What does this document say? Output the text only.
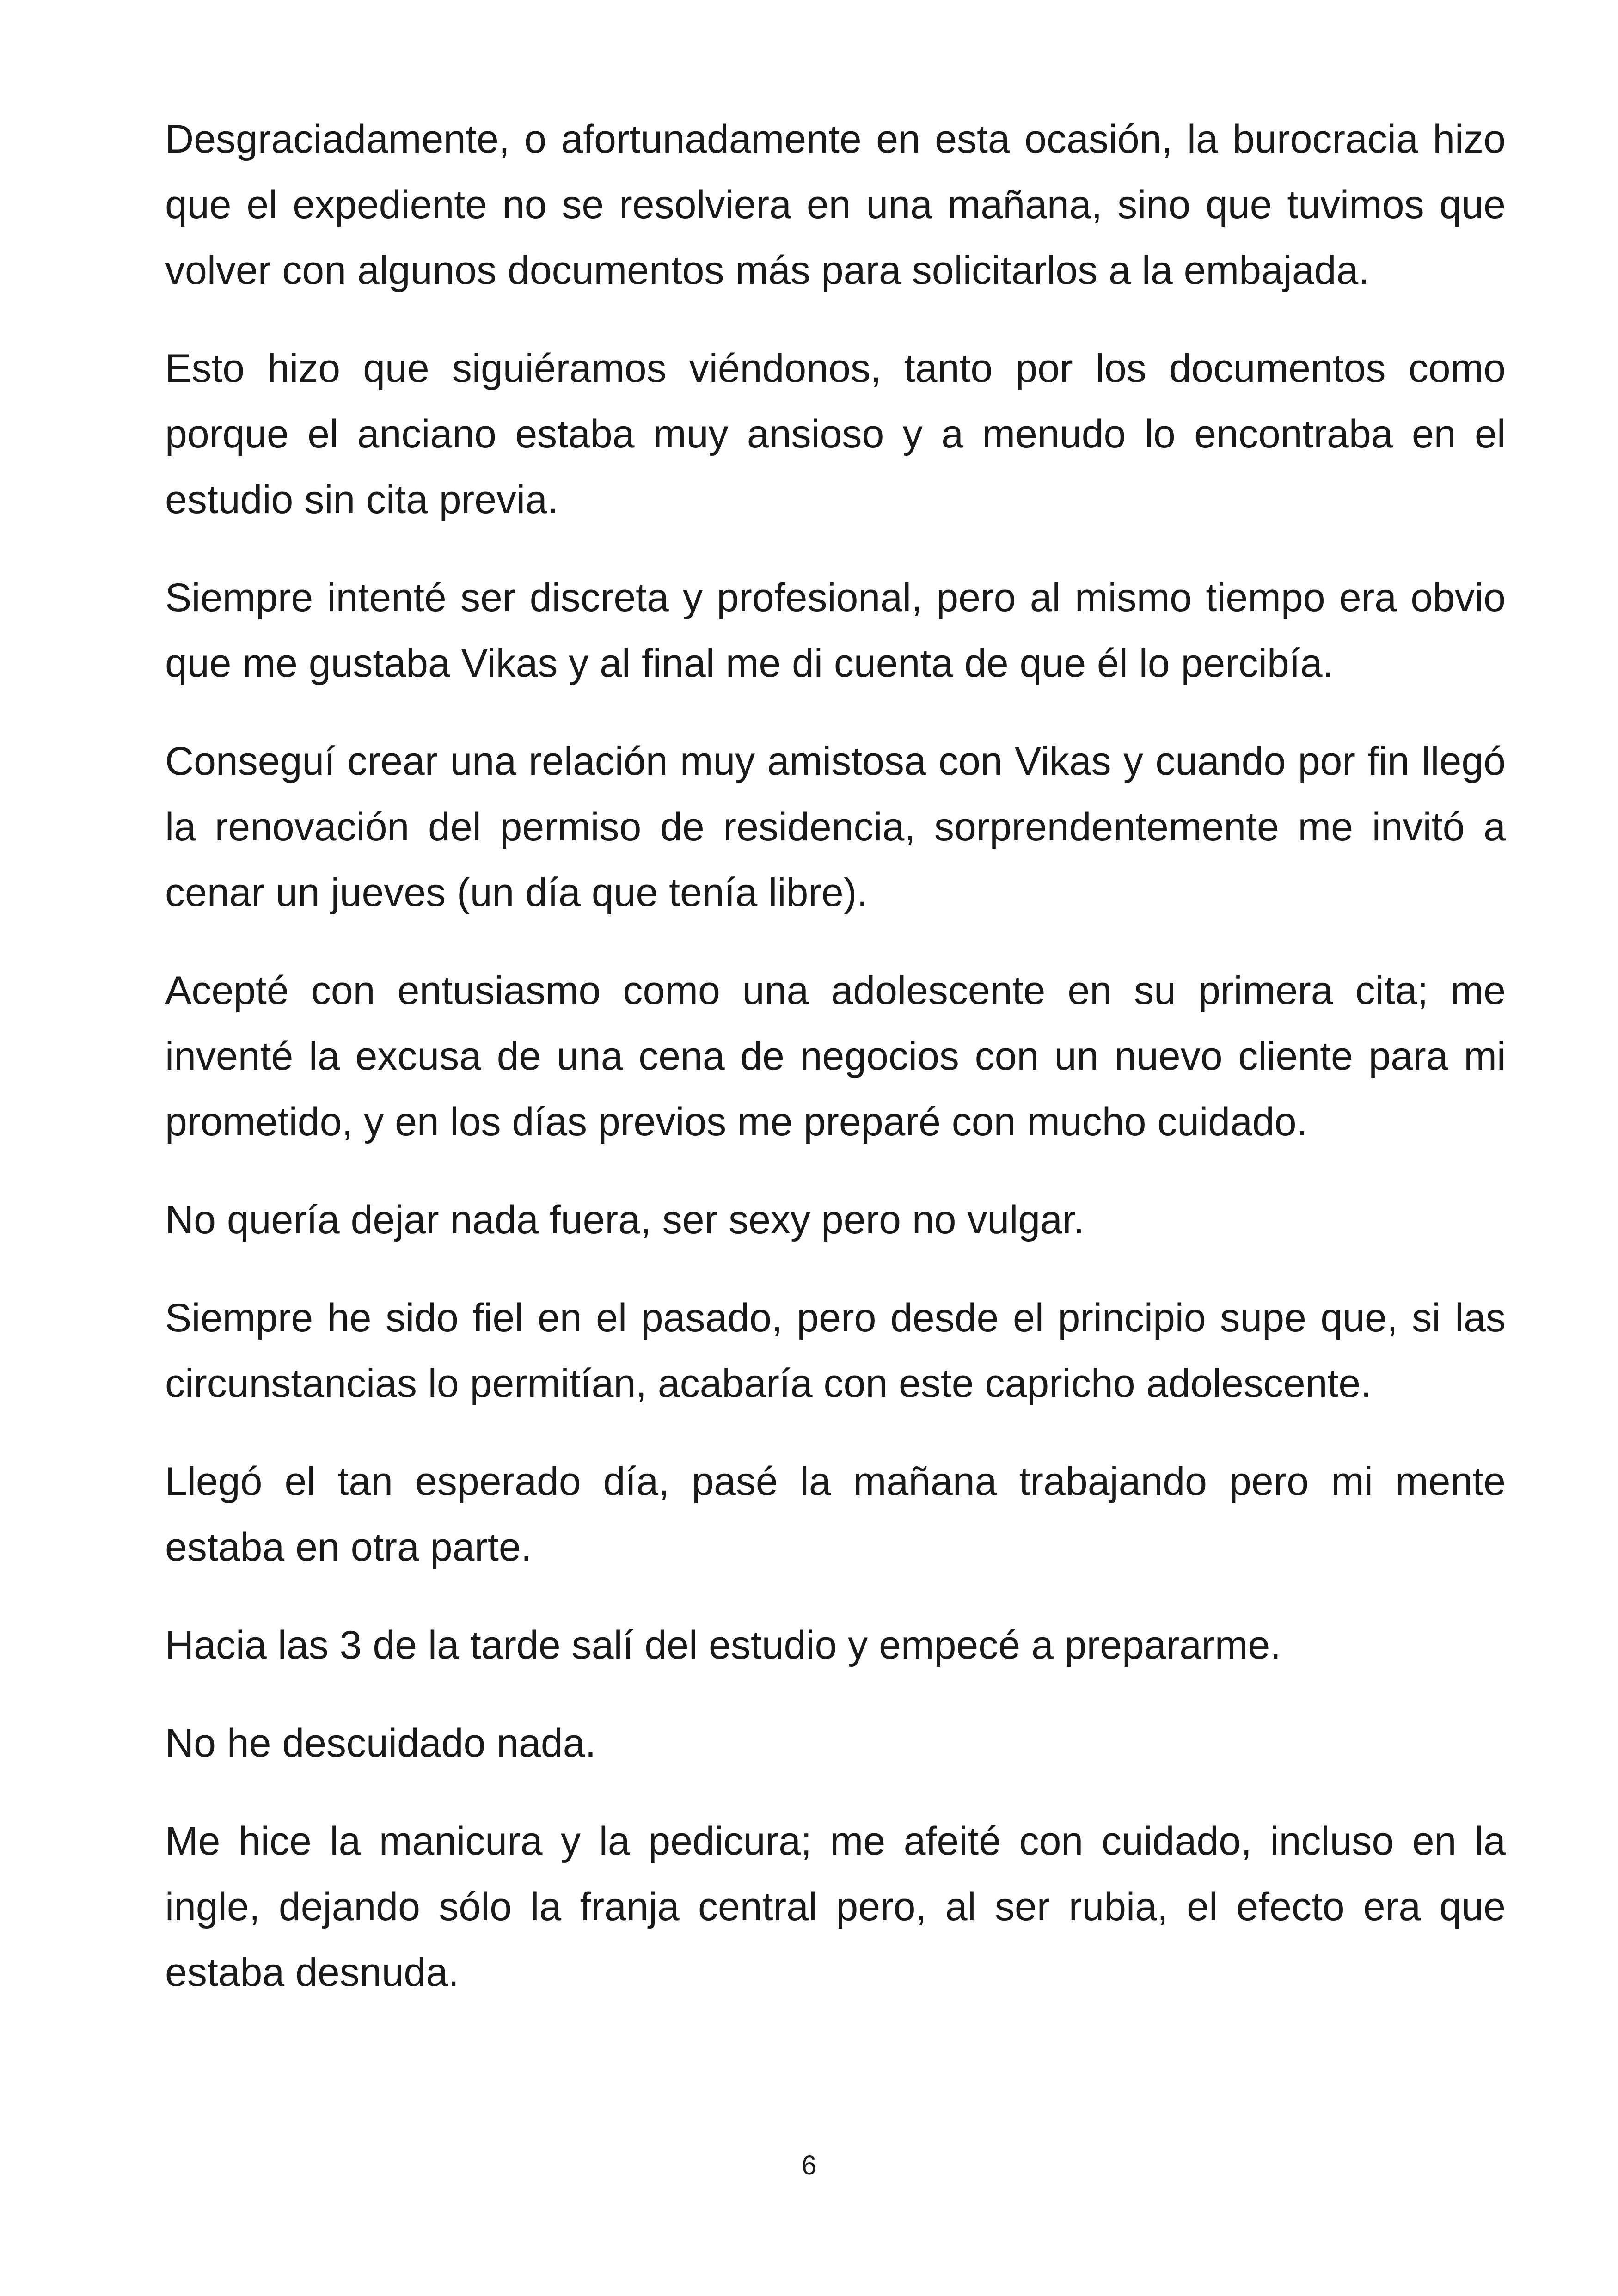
Desgraciadamente, o afortunadamente en esta ocasión, la burocracia hizo que el expediente no se resolviera en una mañana, sino que tuvimos que volver con algunos documentos más para solicitarlos a la embajada.

Esto hizo que siguiéramos viéndonos, tanto por los documentos como porque el anciano estaba muy ansioso y a menudo lo encontraba en el estudio sin cita previa.

Siempre intenté ser discreta y profesional, pero al mismo tiempo era obvio que me gustaba Vikas y al final me di cuenta de que él lo percibía.

Conseguí crear una relación muy amistosa con Vikas y cuando por fin llegó la renovación del permiso de residencia, sorprendentemente me invitó a cenar un jueves (un día que tenía libre).

Acepté con entusiasmo como una adolescente en su primera cita; me inventé la excusa de una cena de negocios con un nuevo cliente para mi prometido, y en los días previos me preparé con mucho cuidado.

No quería dejar nada fuera, ser sexy pero no vulgar.

Siempre he sido fiel en el pasado, pero desde el principio supe que, si las circunstancias lo permitían, acabaría con este capricho adolescente.

Llegó el tan esperado día, pasé la mañana trabajando pero mi mente estaba en otra parte.

Hacia las 3 de la tarde salí del estudio y empecé a prepararme.

No he descuidado nada.

Me hice la manicura y la pedicura; me afeité con cuidado, incluso en la ingle, dejando sólo la franja central pero, al ser rubia, el efecto era que estaba desnuda.

6
